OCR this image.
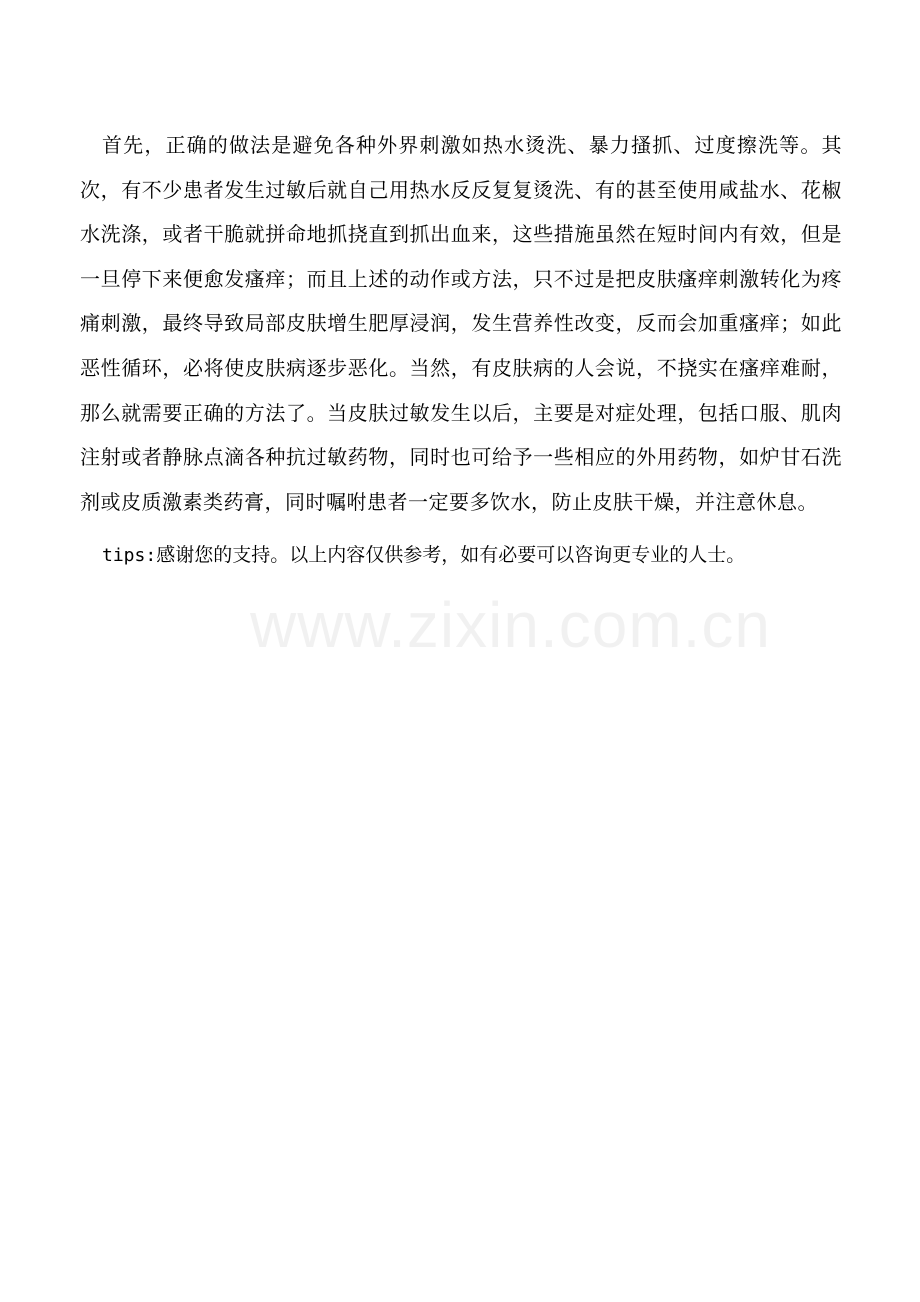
首先，正确的做法是避免各种外界刺激如热水烫洗、暴力搔抓、过度擦洗等。其次，有不少患者发生过敏后就自己用热水反反复复烫洗、有的甚至使用咸盐水、花椒水洗涤，或者干脆就拼命地抓挠直到抓出血来，这些措施虽然在短时间内有效，但是一旦停下来便愈发瘙痒；而且上述的动作或方法，只不过是把皮肤瘙痒刺激转化为疼痛刺激，最终导致局部皮肤增生肥厚浸润，发生营养性改变，反而会加重瘙痒；如此恶性循环，必将使皮肤病逐步恶化。当然，有皮肤病的人会说，不挠实在瘙痒难耐，那么就需要正确的方法了。当皮肤过敏发生以后，主要是对症处理，包括口服、肌肉注射或者静脉点滴各种抗过敏药物，同时也可给予一些相应的外用药物，如炉甘石洗剂或皮质激素类药膏，同时嘱咐患者一定要多饮水，防止皮肤干燥，并注意休息。

tips:感谢您的支持。以上内容仅供参考，如有必要可以咨询更专业的人士。

www.zixin.com.cn
